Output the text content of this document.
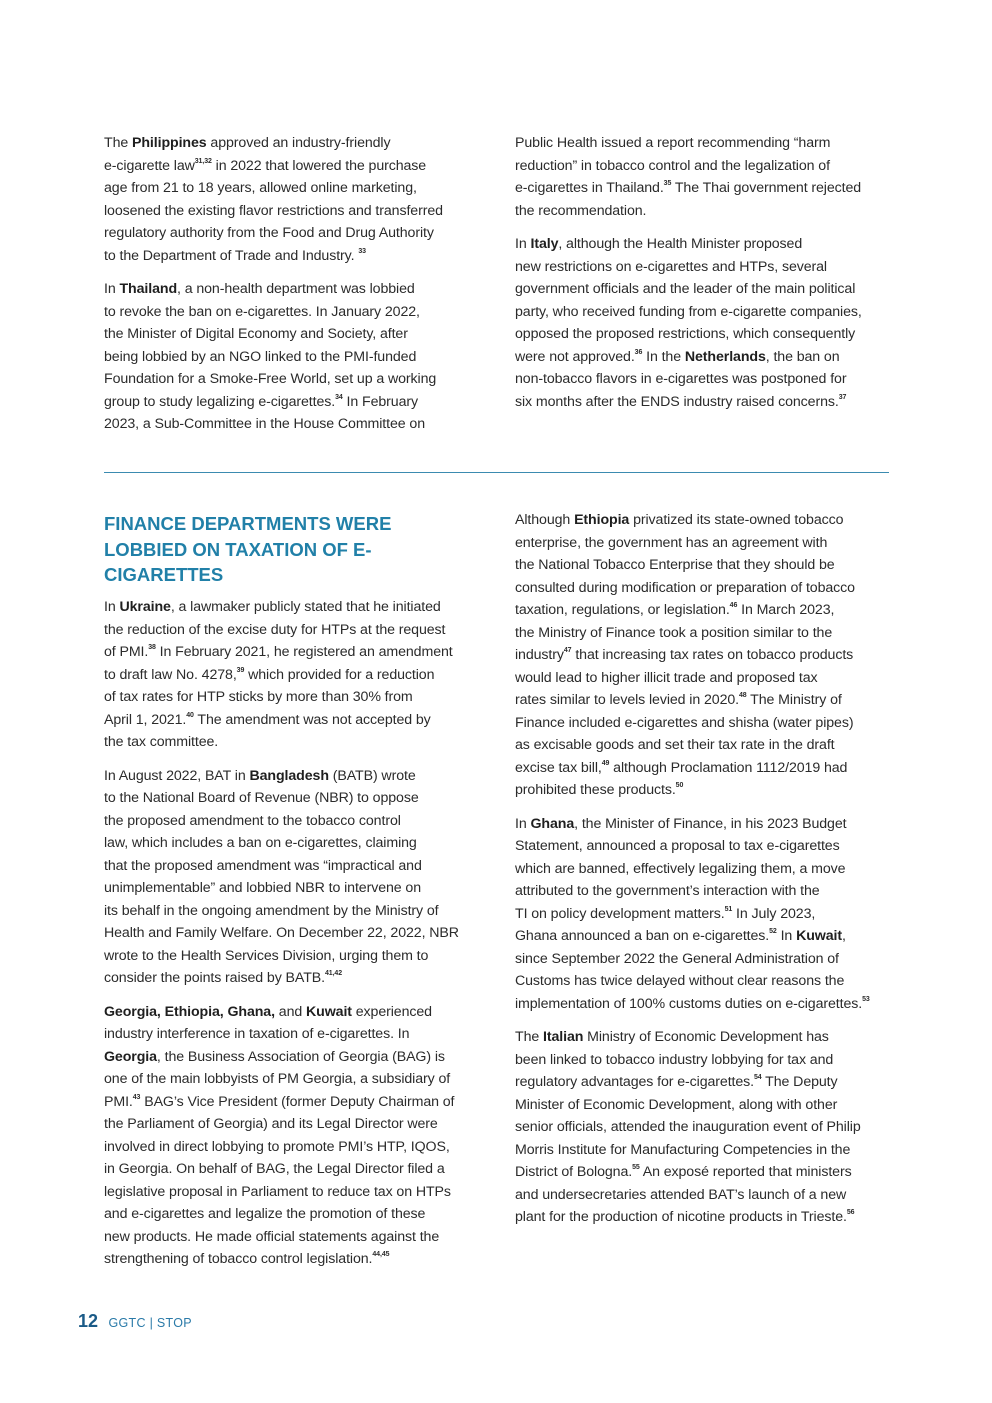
The Philippines approved an industry-friendly
e-cigarette law$^{31,32}$ in 2022 that lowered the purchase
age from 21 to 18 years, allowed online marketing,
loosened the existing flavor restrictions and transferred
regulatory authority from the Food and Drug Authority
to the Department of Trade and Industry. $^{33}$

In Thailand, a non-health department was lobbied
to revoke the ban on e-cigarettes. In January 2022,
the Minister of Digital Economy and Society, after
being lobbied by an NGO linked to the PMI-funded
Foundation for a Smoke-Free World, set up a working
group to study legalizing e-cigarettes.$^{34}$ In February
2023, a Sub-Committee in the House Committee on

Public Health issued a report recommending “harm
reduction” in tobacco control and the legalization of
e-cigarettes in Thailand.$^{35}$ The Thai government rejected
the recommendation.

In Italy, although the Health Minister proposed
new restrictions on e-cigarettes and HTPs, several
government officials and the leader of the main political
party, who received funding from e-cigarette companies,
opposed the proposed restrictions, which consequently
were not approved.$^{36}$ In the Netherlands, the ban on
non-tobacco flavors in e-cigarettes was postponed for
six months after the ENDS industry raised concerns.$^{37}$

FINANCE DEPARTMENTS WERE LOBBIED ON TAXATION OF E-CIGARETTES

In Ukraine, a lawmaker publicly stated that he initiated
the reduction of the excise duty for HTPs at the request
of PMI.$^{38}$ In February 2021, he registered an amendment
to draft law No. 4278,39 which provided for a reduction
of tax rates for HTP sticks by more than 30% from
April 1, 2021.40 The amendment was not accepted by
the tax committee.

In August 2022, BAT in Bangladesh (BATB) wrote
to the National Board of Revenue (NBR) to oppose
the proposed amendment to the tobacco control
law, which includes a ban on e-cigarettes, claiming
that the proposed amendment was “impractical and
unimplementable” and lobbied NBR to intervene on
its behalf in the ongoing amendment by the Ministry of
Health and Family Welfare. On December 22, 2022, NBR
wrote to the Health Services Division, urging them to
consider the points raised by BATB.$^{41,42}$

Georgia, Ethiopia, Ghana, and Kuwait experienced
industry interference in taxation of e-cigarettes. In
Georgia, the Business Association of Georgia (BAG) is
one of the main lobbyists of PM Georgia, a subsidiary of
PMI.$^{43}$ BAG’s Vice President (former Deputy Chairman of
the Parliament of Georgia) and its Legal Director were
involved in direct lobbying to promote PMI’s HTP, IQOS,
in Georgia. On behalf of BAG, the Legal Director filed a
legislative proposal in Parliament to reduce tax on HTPs
and e-cigarettes and legalize the promotion of these
new products. He made official statements against the
strengthening of tobacco control legislation.$^{44,45}$

Although Ethiopia privatized its state-owned tobacco
enterprise, the government has an agreement with
the National Tobacco Enterprise that they should be
consulted during modification or preparation of tobacco
taxation, regulations, or legislation.$^{46}$ In March 2023,
the Ministry of Finance took a position similar to the
industry$^{47}$ that increasing tax rates on tobacco products
would lead to higher illicit trade and proposed tax
rates similar to levels levied in 2020.48 The Ministry of
Finance included e-cigarettes and shisha (water pipes)
as excisable goods and set their tax rate in the draft
excise tax bill,$^{49}$ although Proclamation 1112/2019 had
prohibited these products.$^{50}$

In Ghana, the Minister of Finance, in his 2023 Budget
Statement, announced a proposal to tax e-cigarettes
which are banned, effectively legalizing them, a move
attributed to the government’s interaction with the
TI on policy development matters.$^{51}$ In July 2023,
Ghana announced a ban on e-cigarettes.$^{52}$ In Kuwait,
since September 2022 the General Administration of
Customs has twice delayed without clear reasons the
implementation of 100% customs duties on e-cigarettes.$^{53}$

The Italian Ministry of Economic Development has
been linked to tobacco industry lobbying for tax and
regulatory advantages for e-cigarettes.$^{54}$ The Deputy
Minister of Economic Development, along with other
senior officials, attended the inauguration event of Philip
Morris Institute for Manufacturing Competencies in the
District of Bologna.$^{55}$ An exposé reported that ministers
and undersecretaries attended BAT’s launch of a new
plant for the production of nicotine products in Trieste.$^{56}$

12 GGTC | STOP
